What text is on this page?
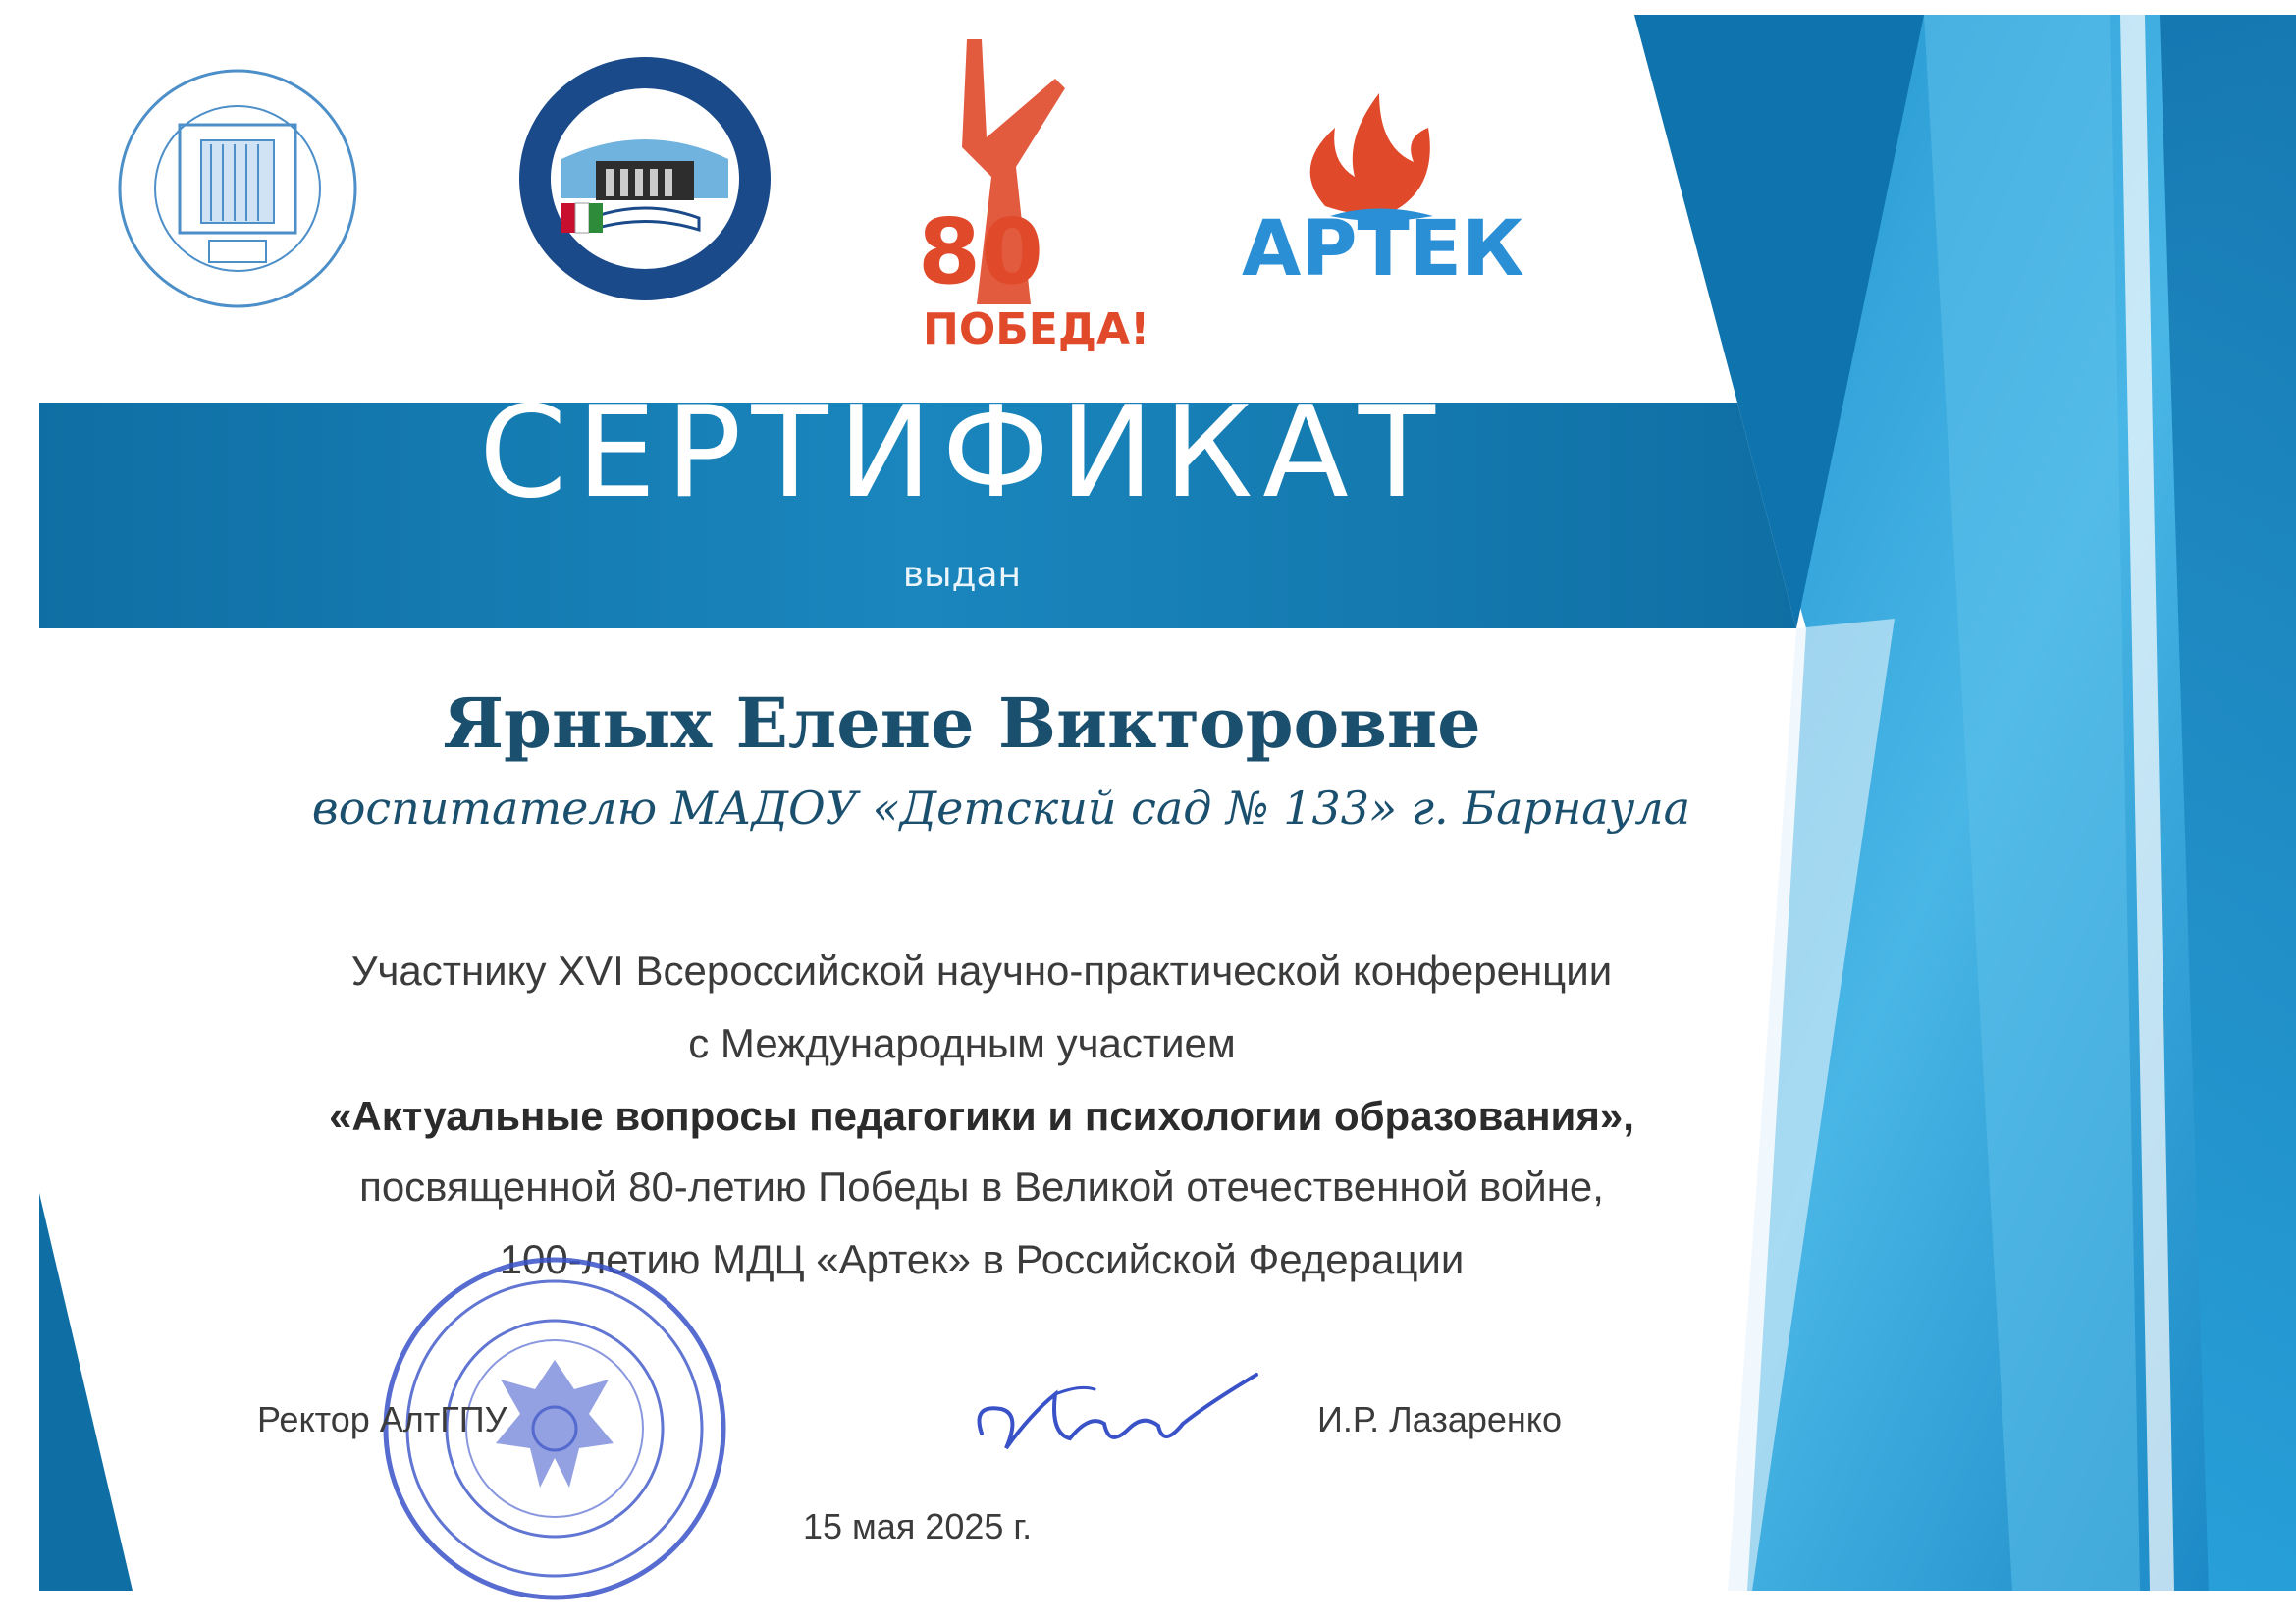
80
ПОБЕДА!
АРТЕК
СЕРТИФИКАТ
выдан
Ярных Елене Викторовне
воспитателю МАДОУ «Детский сад № 133» г. Барнаула
Участнику XVI Всероссийской научно-практической конференции
с Международным участием
«Актуальные вопросы педагогики и психологии образования»,
посвященной 80-летию Победы в Великой отечественной войне,
100-летию МДЦ «Артек» в Российской Федерации
Ректор АлтГПУ	И.Р. Лазаренко
15 мая 2025 г.
